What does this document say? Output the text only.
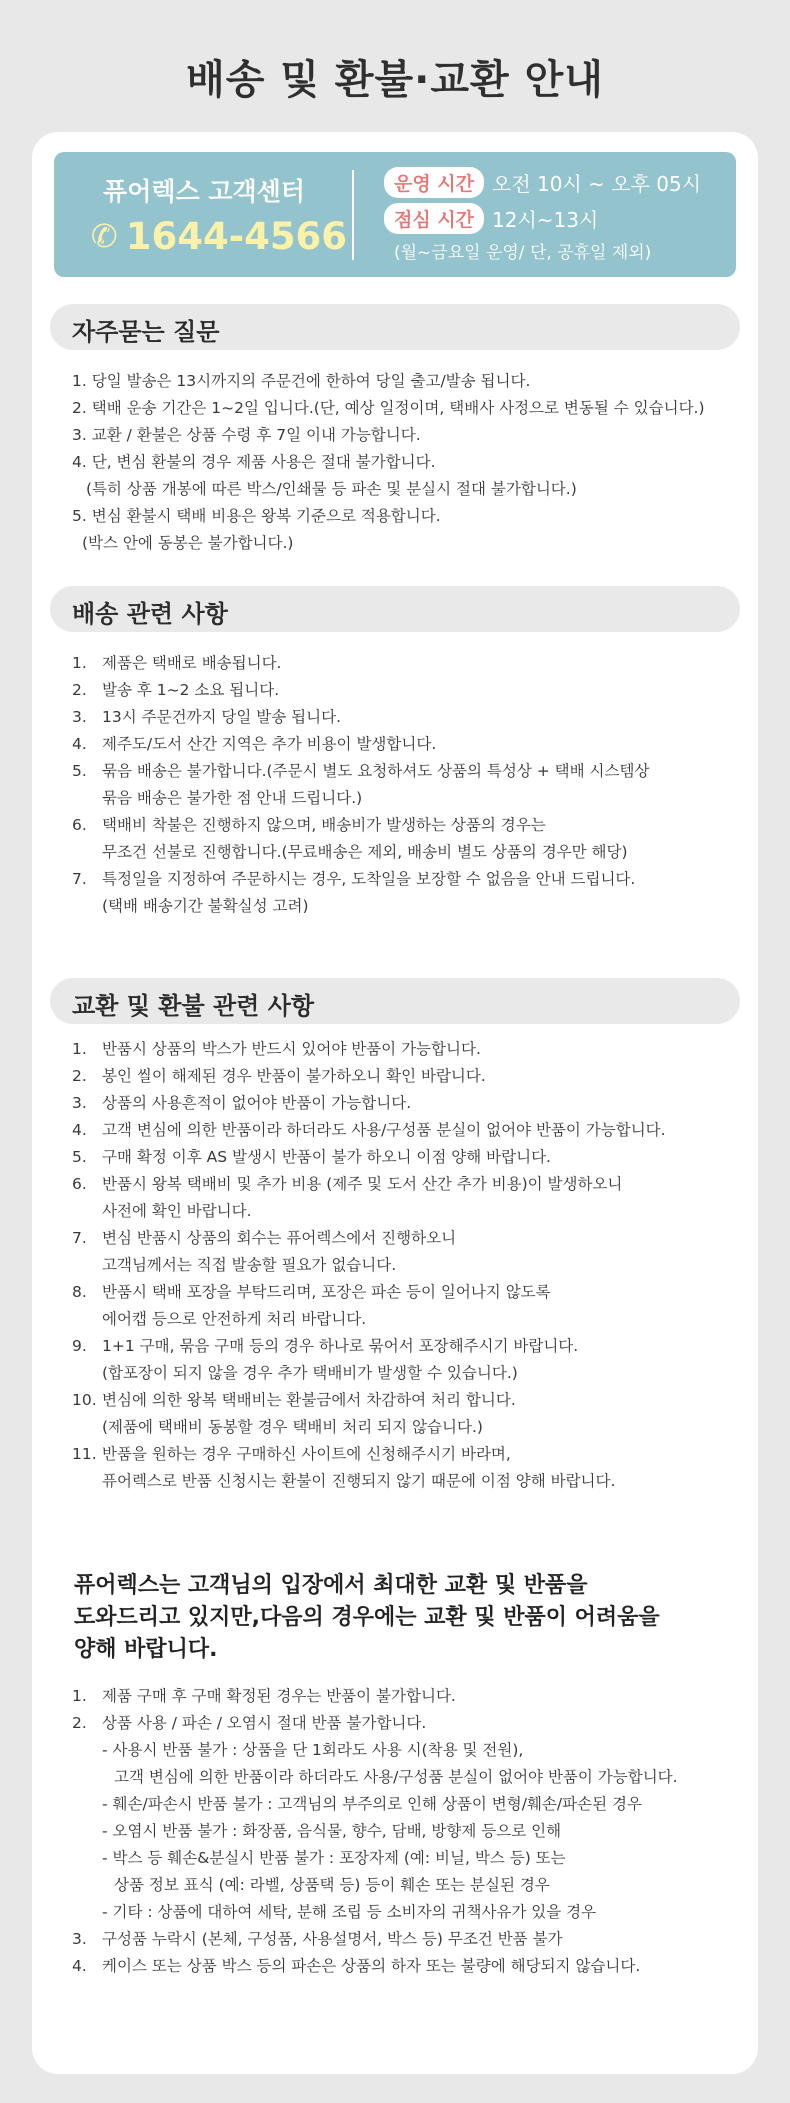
배송 및 환불·교환 안내
퓨어렉스 고객센터
✆ 1644-4566
운영 시간 오전 10시 ~ 오후 05시
점심 시간 12시~13시
(월~금요일 운영/ 단, 공휴일 제외)
자주묻는 질문
1. 당일 발송은 13시까지의 주문건에 한하여 당일 출고/발송 됩니다.
2. 택배 운송 기간은 1~2일 입니다.(단, 예상 일정이며, 택배사 사정으로 변동될 수 있습니다.)
3. 교환 / 환불은 상품 수령 후 7일 이내 가능합니다.
4. 단, 변심 환불의 경우 제품 사용은 절대 불가합니다.
(특히 상품 개봉에 따른 박스/인쇄물 등 파손 및 분실시 절대 불가합니다.)
5. 변심 환불시 택배 비용은 왕복 기준으로 적용합니다.
(박스 안에 동봉은 불가합니다.)
배송 관련 사항
1. 제품은 택배로 배송됩니다.
2. 발송 후 1~2 소요 됩니다.
3. 13시 주문건까지 당일 발송 됩니다.
4. 제주도/도서 산간 지역은 추가 비용이 발생합니다.
5. 묶음 배송은 불가합니다.(주문시 별도 요청하셔도 상품의 특성상 + 택배 시스템상
묶음 배송은 불가한 점 안내 드립니다.)
6. 택배비 착불은 진행하지 않으며, 배송비가 발생하는 상품의 경우는
무조건 선불로 진행합니다.(무료배송은 제외, 배송비 별도 상품의 경우만 해당)
7. 특정일을 지정하여 주문하시는 경우, 도착일을 보장할 수 없음을 안내 드립니다.
(택배 배송기간 불확실성 고려)
교환 및 환불 관련 사항
1. 반품시 상품의 박스가 반드시 있어야 반품이 가능합니다.
2. 봉인 씰이 해제된 경우 반품이 불가하오니 확인 바랍니다.
3. 상품의 사용흔적이 없어야 반품이 가능합니다.
4. 고객 변심에 의한 반품이라 하더라도 사용/구성품 분실이 없어야 반품이 가능합니다.
5. 구매 확정 이후 AS 발생시 반품이 불가 하오니 이점 양해 바랍니다.
6. 반품시 왕복 택배비 및 추가 비용 (제주 및 도서 산간 추가 비용)이 발생하오니
사전에 확인 바랍니다.
7. 변심 반품시 상품의 회수는 퓨어렉스에서 진행하오니
고객님께서는 직접 발송할 필요가 없습니다.
8. 반품시 택배 포장을 부탁드리며, 포장은 파손 등이 일어나지 않도록
에어캡 등으로 안전하게 처리 바랍니다.
9. 1+1 구매, 묶음 구매 등의 경우 하나로 묶어서 포장해주시기 바랍니다.
(합포장이 되지 않을 경우 추가 택배비가 발생할 수 있습니다.)
10. 변심에 의한 왕복 택배비는 환불금에서 차감하여 처리 합니다.
(제품에 택배비 동봉할 경우 택배비 처리 되지 않습니다.)
11. 반품을 원하는 경우 구매하신 사이트에 신청해주시기 바라며,
퓨어렉스로 반품 신청시는 환불이 진행되지 않기 때문에 이점 양해 바랍니다.
퓨어렉스는 고객님의 입장에서 최대한 교환 및 반품을
도와드리고 있지만,다음의 경우에는 교환 및 반품이 어려움을
양해 바랍니다.
1. 제품 구매 후 구매 확정된 경우는 반품이 불가합니다.
2. 상품 사용 / 파손 / 오염시 절대 반품 불가합니다.
- 사용시 반품 불가 : 상품을 단 1회라도 사용 시(착용 및 전원),
고객 변심에 의한 반품이라 하더라도 사용/구성품 분실이 없어야 반품이 가능합니다.
- 훼손/파손시 반품 불가 : 고객님의 부주의로 인해 상품이 변형/훼손/파손된 경우
- 오염시 반품 불가 : 화장품, 음식물, 향수, 담배, 방향제 등으로 인해
- 박스 등 훼손&분실시 반품 불가 : 포장자제 (예: 비닐, 박스 등) 또는
상품 정보 표식 (예: 라벨, 상품택 등) 등이 훼손 또는 분실된 경우
- 기타 : 상품에 대하여 세탁, 분해 조립 등 소비자의 귀책사유가 있을 경우
3. 구성품 누락시 (본체, 구성품, 사용설명서, 박스 등) 무조건 반품 불가
4. 케이스 또는 상품 박스 등의 파손은 상품의 하자 또는 불량에 해당되지 않습니다.
